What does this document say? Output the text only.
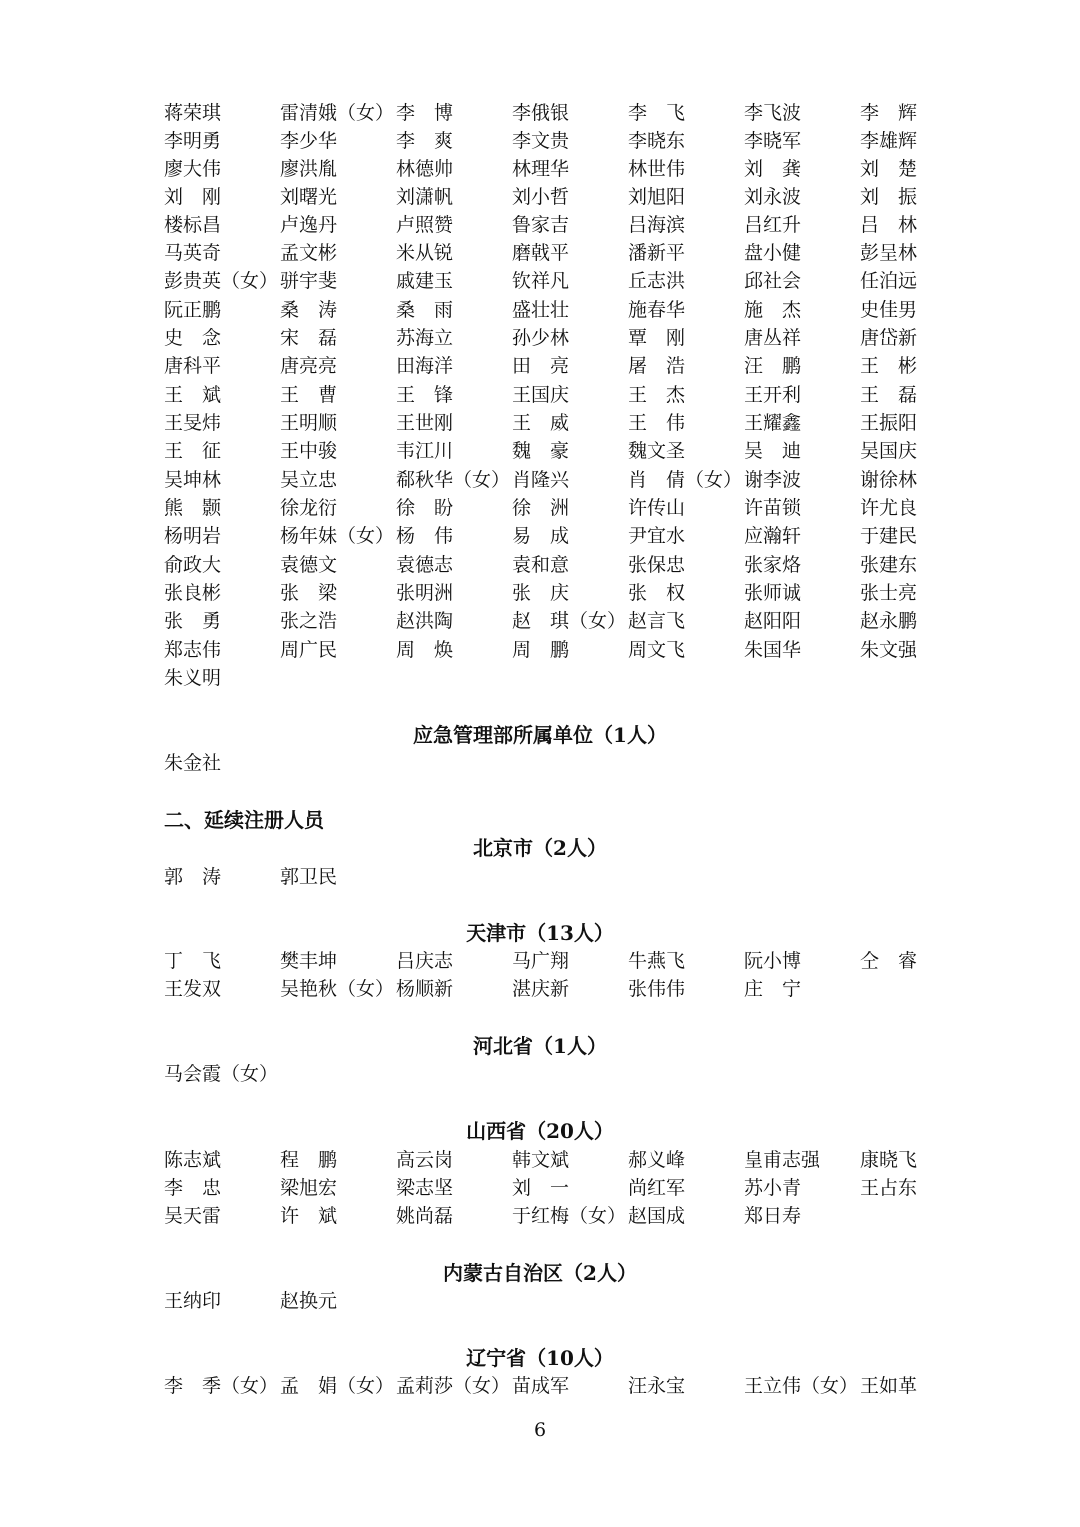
蒋荣琪	雷清娥（女） 李　博	李俄银	李　飞	李飞波	李　辉
李明勇	李少华	李　爽	李文贵	李晓东	李晓军	李雄辉
廖大伟	廖洪胤	林德帅	林理华	林世伟	刘　龚	刘　楚
刘　刚	刘曙光	刘潇帆	刘小哲	刘旭阳	刘永波	刘　振
楼标昌	卢逸丹	卢照赞	鲁家吉	吕海滨	吕红升	吕　林
马英奇	孟文彬	米从锐	磨戟平	潘新平	盘小健	彭呈林
彭贵英（女） 骈宇斐	戚建玉	钦祥凡	丘志洪	邱社会	任泊远
阮正鹏	桑　涛	桑　雨	盛壮壮	施春华	施　杰	史佳男
史　念	宋　磊	苏海立	孙少林	覃　刚	唐丛祥	唐岱新
唐科平	唐亮亮	田海洋	田　亮	屠　浩	汪　鹏	王　彬
王　斌	王　曹	王　锋	王国庆	王　杰	王开利	王　磊
王旻炜	王明顺	王世刚	王　威	王　伟	王耀鑫	王振阳
王　征	王中骏	韦江川	魏　豪	魏文圣	吴　迪	吴国庆
吴坤林	吴立忠	郗秋华（女） 肖隆兴	肖　倩（女） 谢李波	谢徐林
熊　颢	徐龙衍	徐　盼	徐　洲	许传山	许苗锁	许尤良
杨明岩	杨年妹（女） 杨　伟	易　成	尹宜水	应瀚轩	于建民
俞政大	袁德文	袁德志	袁和意	张保忠	张家烙	张建东
张良彬	张　梁	张明洲	张　庆	张　权	张师诚	张士亮
张　勇	张之浩	赵洪陶	赵　琪（女） 赵言飞	赵阳阳	赵永鹏
郑志伟	周广民	周　焕	周　鹏	周文飞	朱国华	朱文强
朱义明
应急管理部所属单位（1人）
朱金社
二、延续注册人员
北京市（2人）
郭　涛	郭卫民
天津市（13人）
丁　飞	樊丰坤	吕庆志	马广翔	牛燕飞	阮小博	仝　睿
王发双	吴艳秋（女） 杨顺新	湛庆新	张伟伟	庄　宁
河北省（1人）
马会霞（女）
山西省（20人）
陈志斌	程　鹏	高云岗	韩文斌	郝义峰	皇甫志强	康晓飞
李　忠	梁旭宏	梁志坚	刘　一	尚红军	苏小青	王占东
吴天雷	许　斌	姚尚磊	于红梅（女） 赵国成	郑日寿
内蒙古自治区（2人）
王纳印	赵换元
辽宁省（10人）
李　季（女） 孟　娟（女） 孟莉莎（女） 苗成军	汪永宝	王立伟（女） 王如革
6
